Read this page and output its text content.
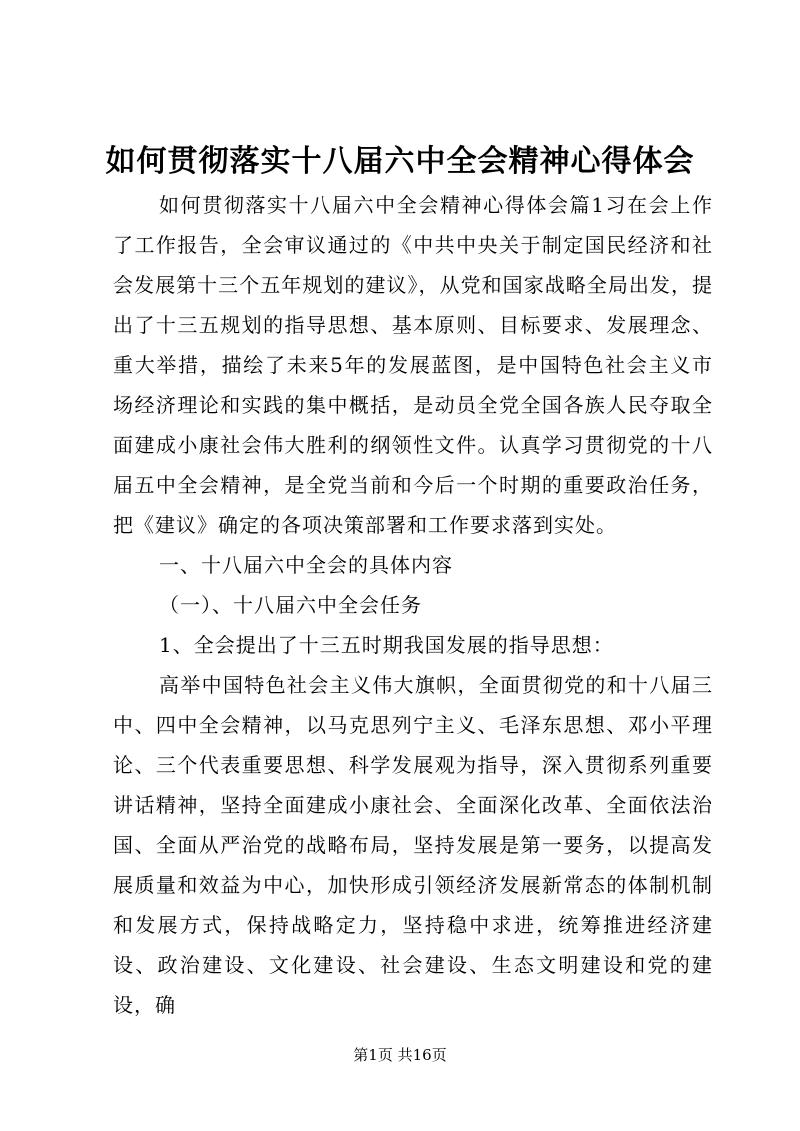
如何贯彻落实十八届六中全会精神心得体会

如何贯彻落实十八届六中全会精神心得体会篇1习在会上作了工作报告，全会审议通过的《中共中央关于制定国民经济和社会发展第十三个五年规划的建议》，从党和国家战略全局出发，提出了十三五规划的指导思想、基本原则、目标要求、发展理念、重大举措，描绘了未来5年的发展蓝图，是中国特色社会主义市场经济理论和实践的集中概括，是动员全党全国各族人民夺取全面建成小康社会伟大胜利的纲领性文件。认真学习贯彻党的十八届五中全会精神，是全党当前和今后一个时期的重要政治任务，把《建议》确定的各项决策部署和工作要求落到实处。

一、十八届六中全会的具体内容

（一）、十八届六中全会任务

1、全会提出了十三五时期我国发展的指导思想：

高举中国特色社会主义伟大旗帜，全面贯彻党的和十八届三中、四中全会精神，以马克思列宁主义、毛泽东思想、邓小平理论、三个代表重要思想、科学发展观为指导，深入贯彻系列重要讲话精神，坚持全面建成小康社会、全面深化改革、全面依法治国、全面从严治党的战略布局，坚持发展是第一要务，以提高发展质量和效益为中心，加快形成引领经济发展新常态的体制机制和发展方式，保持战略定力，坚持稳中求进，统筹推进经济建设、政治建设、文化建设、社会建设、生态文明建设和党的建设，确

第1页 共16页
